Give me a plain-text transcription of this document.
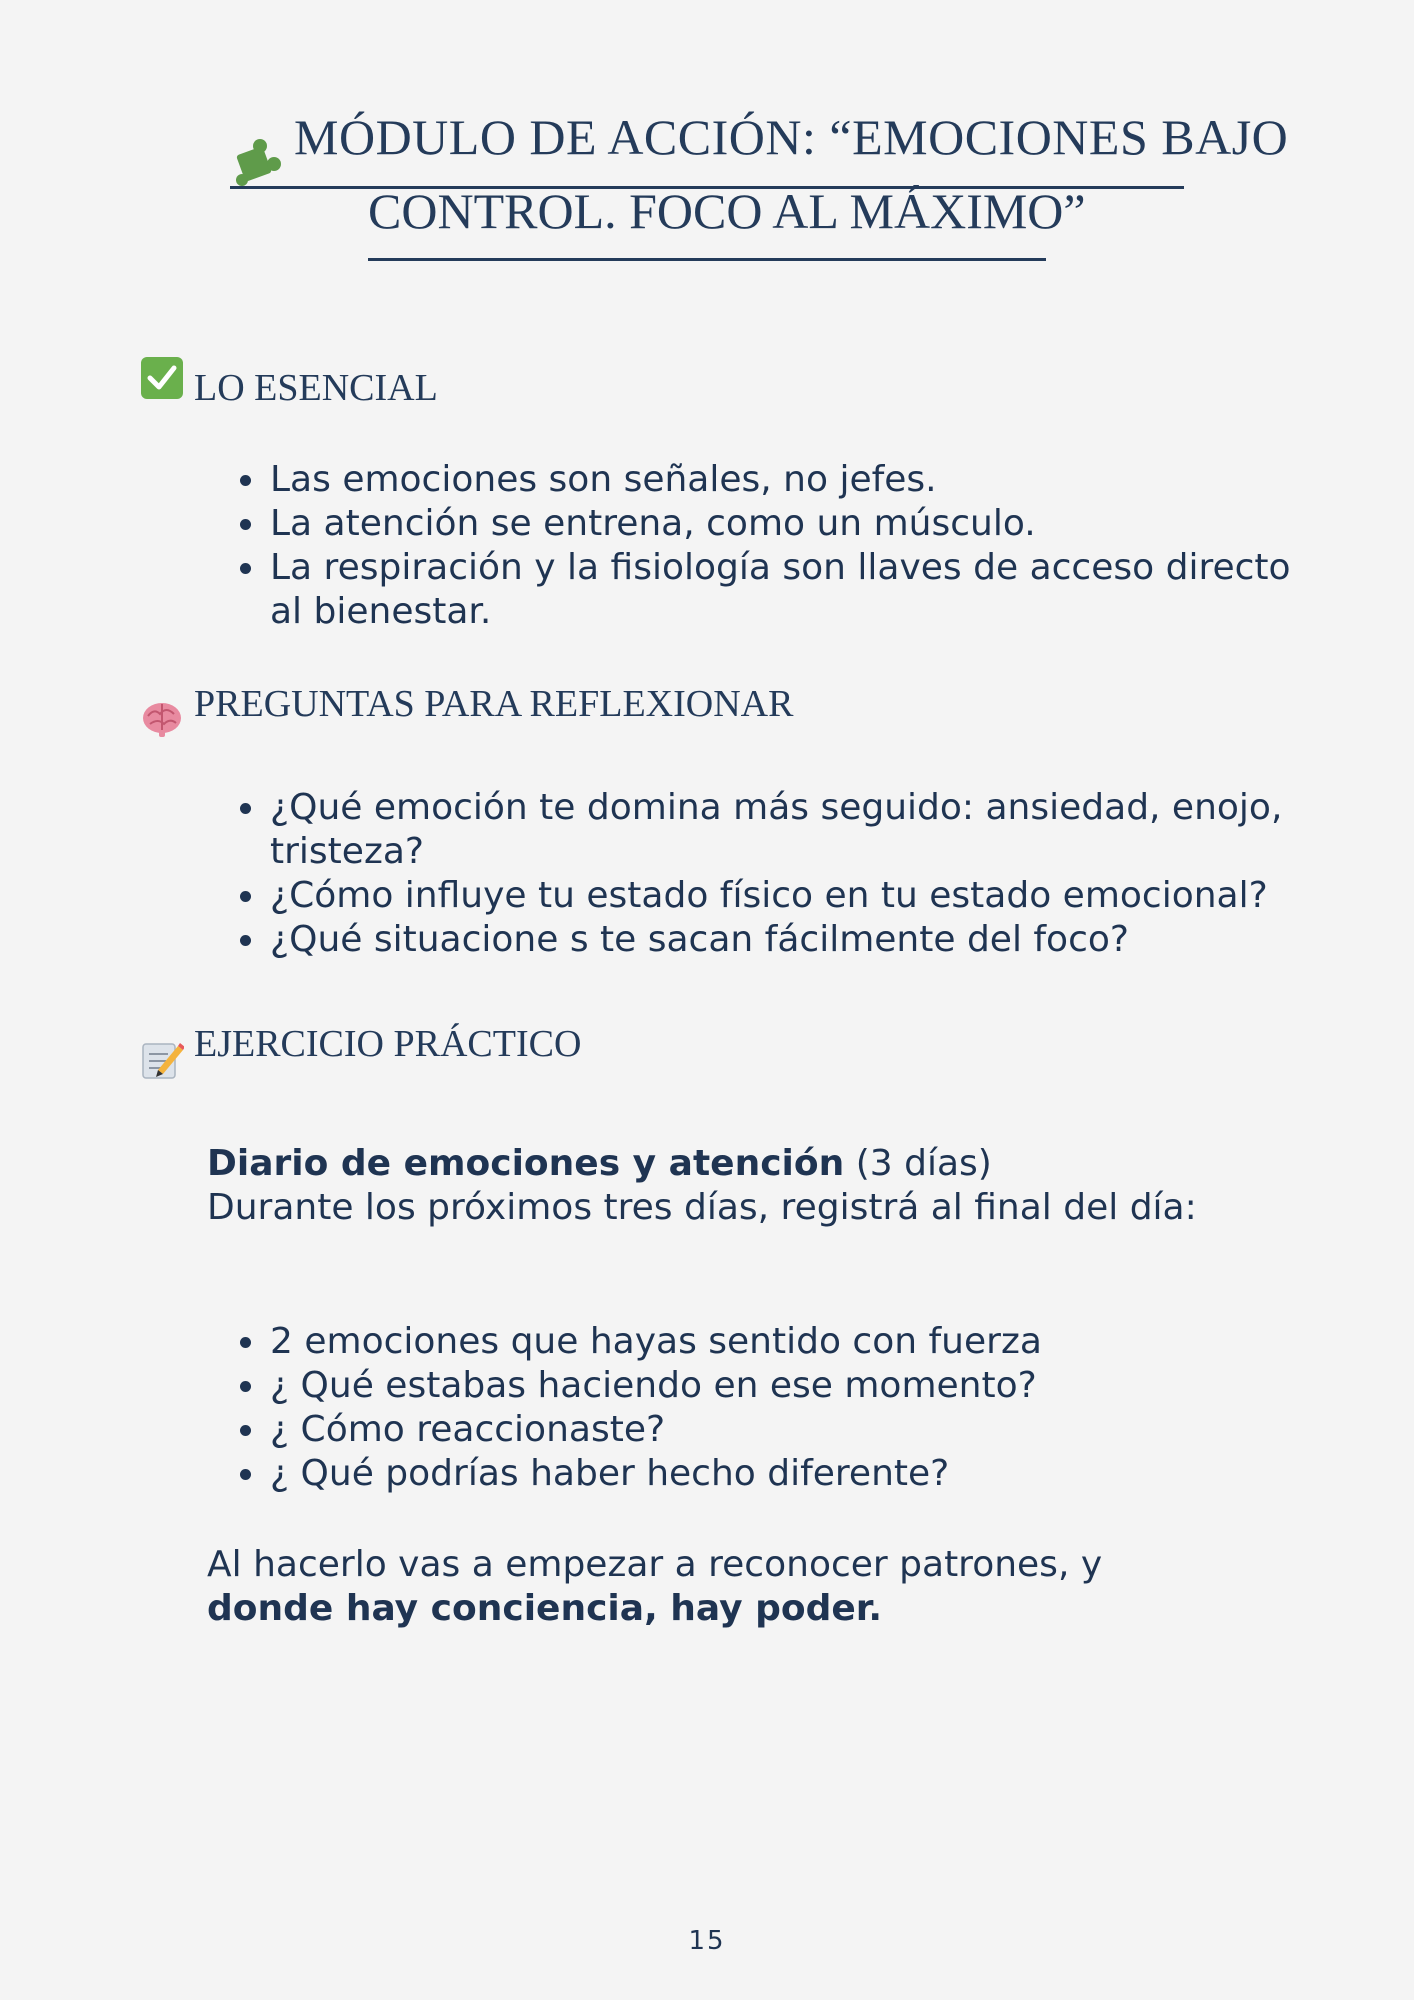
MÓDULO DE ACCIÓN: “EMOCIONES BAJO
CONTROL. FOCO AL MÁXIMO”
LO ESENCIAL
Las emociones son señales, no jefes.
La atención se entrena, como un músculo.
La respiración y la fisiología son llaves de acceso directo al bienestar.
PREGUNTAS PARA REFLEXIONAR
¿Qué emoción te domina más seguido: ansiedad, enojo, tristeza?
¿Cómo influye tu estado físico en tu estado emocional?
¿Qué situacione s te sacan fácilmente del foco?
EJERCICIO PRÁCTICO
Diario de emociones y atención (3 días)
Durante los próximos tres días, registrá al final del día:
2 emociones que hayas sentido con fuerza
¿ Qué estabas haciendo en ese momento?
¿ Cómo reaccionaste?
¿ Qué podrías haber hecho diferente?
Al hacerlo vas a empezar a reconocer patrones, y donde hay conciencia, hay poder.
15
